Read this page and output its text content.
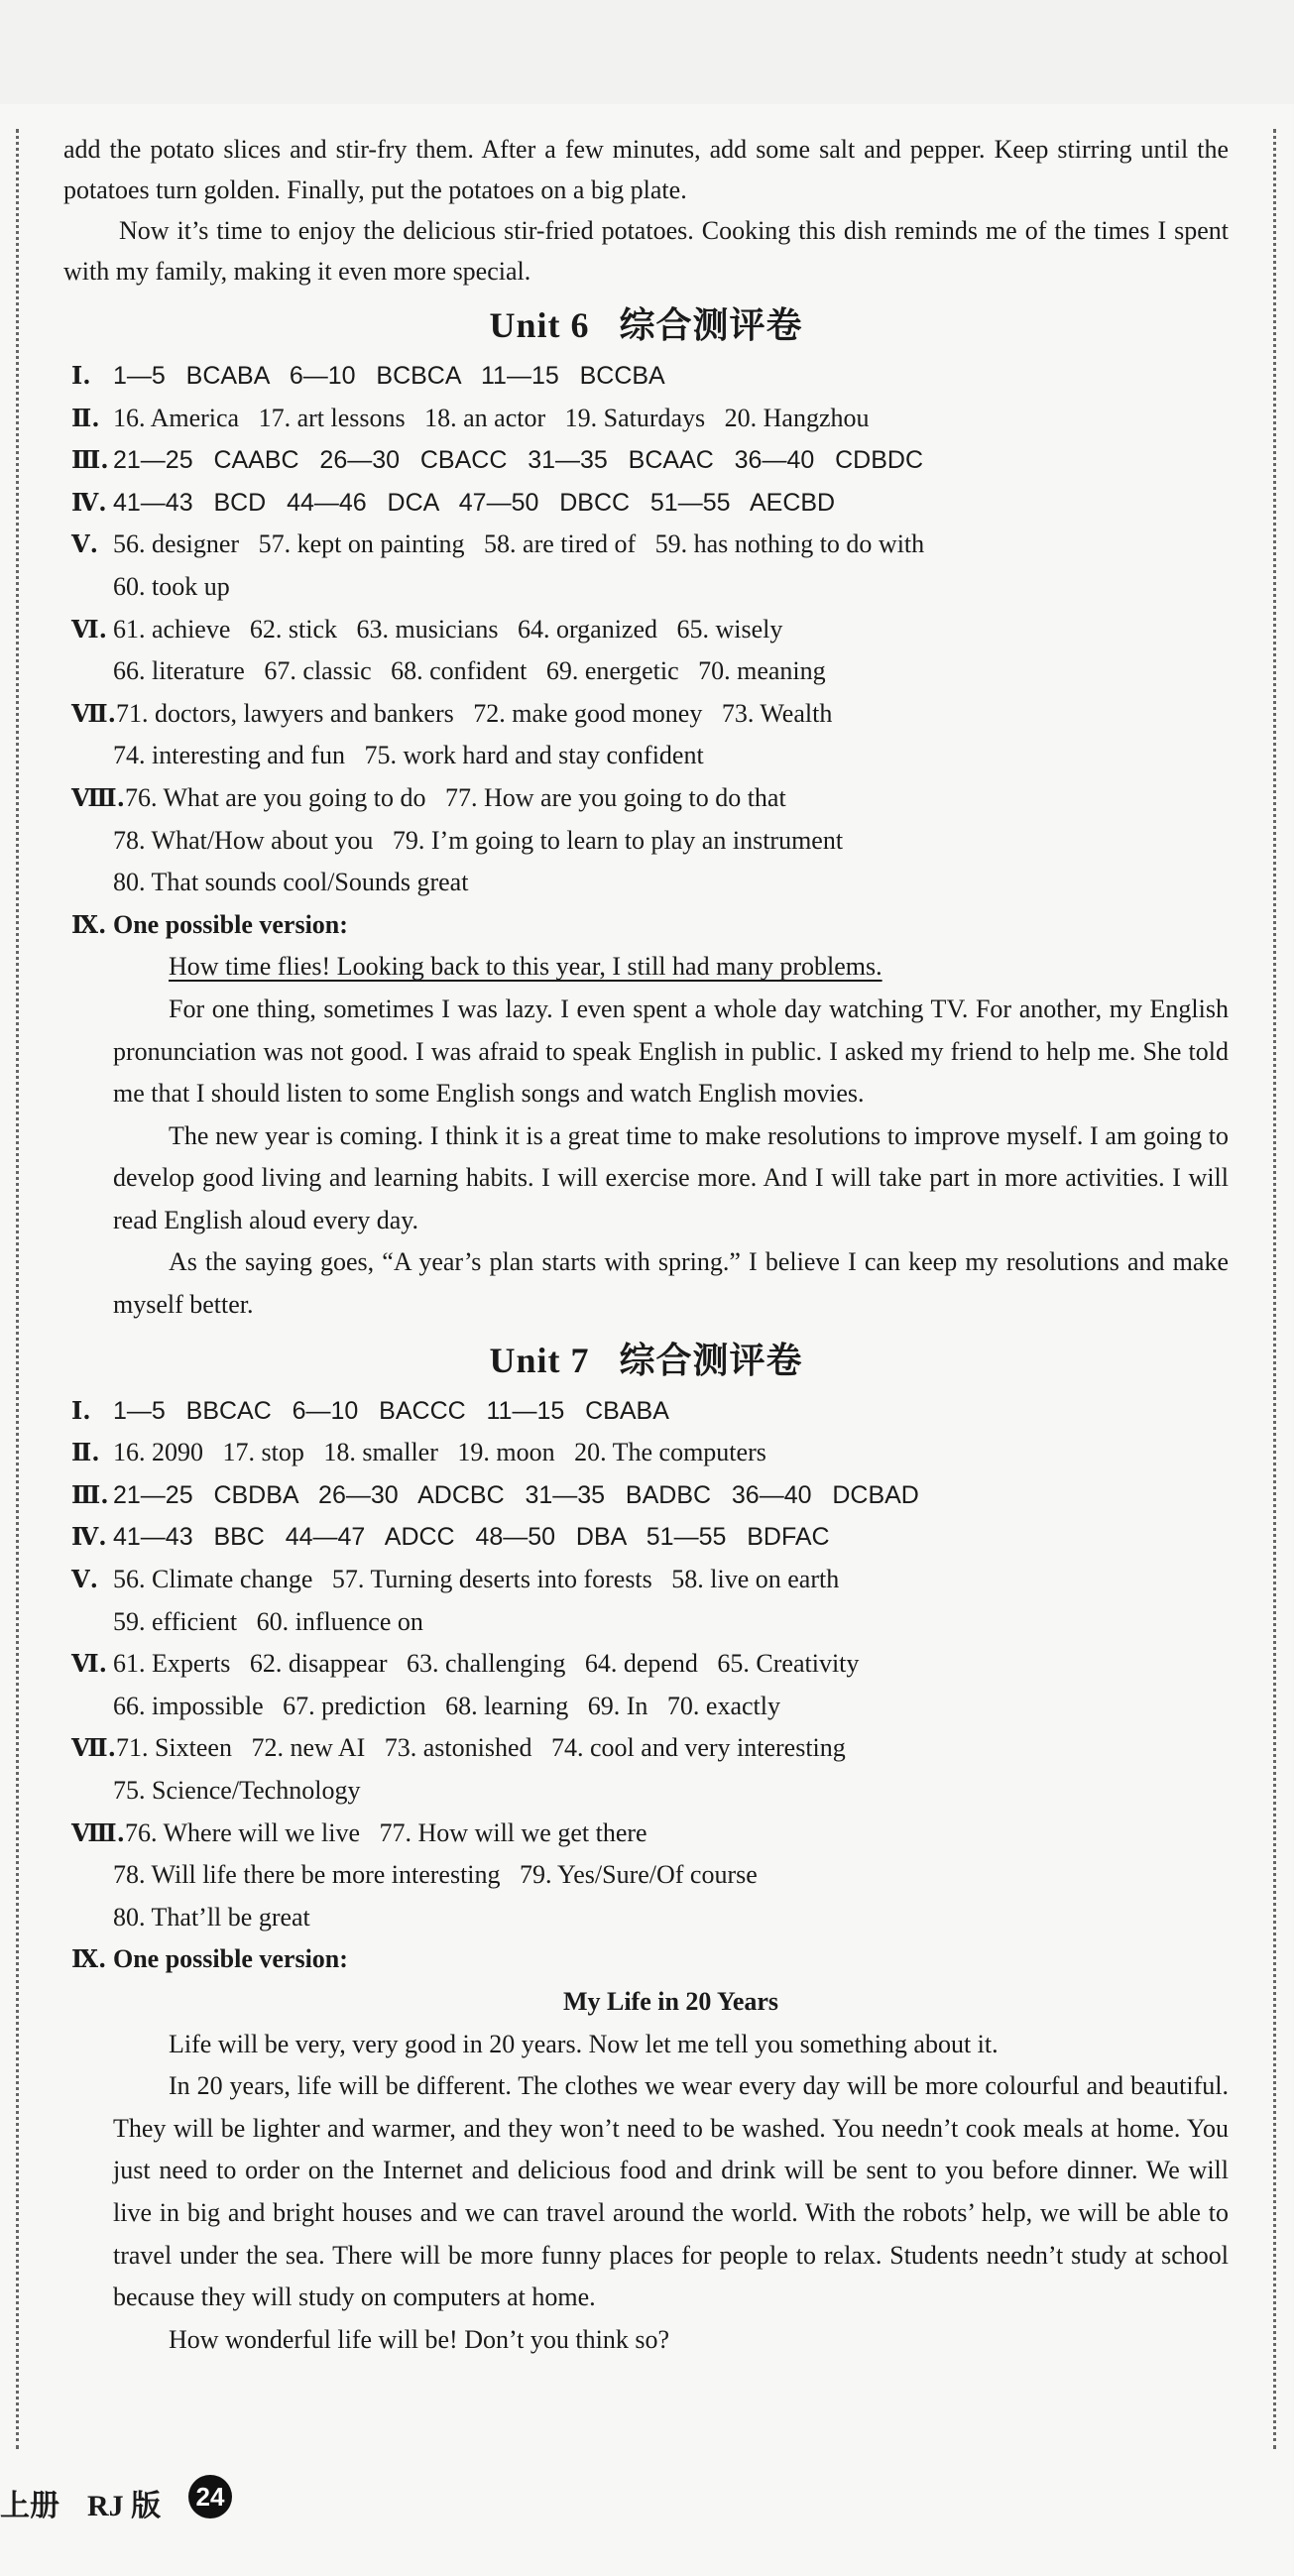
add the potato slices and stir-fry them. After a few minutes, add some salt and pepper. Keep stirring until the potatoes turn golden. Finally, put the potatoes on a big plate.

Now it’s time to enjoy the delicious stir-fried potatoes. Cooking this dish reminds me of the times I spent with my family, making it even more special.

Unit 6 综合测评卷
Ⅰ. 1—5   BCABA   6—10   BCBCA   11—15   BCCBA
Ⅱ. 16. America   17. art lessons   18. an actor   19. Saturdays   20. Hangzhou
Ⅲ. 21—25   CAABC   26—30   CBACC   31—35   BCAAC   36—40   CDBDC
Ⅳ. 41—43   BCD   44—46   DCA   47—50   DBCC   51—55   AECBD
Ⅴ. 56. designer   57. kept on painting   58. are tired of   59. has nothing to do with
60. took up
Ⅵ. 61. achieve   62. stick   63. musicians   64. organized   65. wisely
66. literature   67. classic   68. confident   69. energetic   70. meaning
Ⅶ.71. doctors, lawyers and bankers   72. make good money   73. Wealth
74. interesting and fun   75. work hard and stay confident
Ⅷ.76. What are you going to do   77. How are you going to do that
78. What/How about you   79. I’m going to learn to play an instrument
80. That sounds cool/Sounds great
Ⅸ. One possible version:

How time flies! Looking back to this year, I still had many problems.

For one thing, sometimes I was lazy. I even spent a whole day watching TV. For another, my English pronunciation was not good. I was afraid to speak English in public. I asked my friend to help me. She told me that I should listen to some English songs and watch English movies.

The new year is coming. I think it is a great time to make resolutions to improve myself. I am going to develop good living and learning habits. I will exercise more. And I will take part in more activities. I will read English aloud every day.

As the saying goes, “A year’s plan starts with spring.” I believe I can keep my resolutions and make myself better.

Unit 7 综合测评卷
Ⅰ. 1—5   BBCAC   6—10   BACCC   11—15   CBABA
Ⅱ. 16. 2090   17. stop   18. smaller   19. moon   20. The computers
Ⅲ. 21—25   CBDBA   26—30   ADCBC   31—35   BADBC   36—40   DCBAD
Ⅳ. 41—43   BBC   44—47   ADCC   48—50   DBA   51—55   BDFAC
Ⅴ. 56. Climate change   57. Turning deserts into forests   58. live on earth
59. efficient   60. influence on
Ⅵ. 61. Experts   62. disappear   63. challenging   64. depend   65. Creativity
66. impossible   67. prediction   68. learning   69. In   70. exactly
Ⅶ.71. Sixteen   72. new AI   73. astonished   74. cool and very interesting
75. Science/Technology
Ⅷ.76. Where will we live   77. How will we get there
78. Will life there be more interesting   79. Yes/Sure/Of course
80. That’ll be great
Ⅸ. One possible version:
My Life in 20 Years

Life will be very, very good in 20 years. Now let me tell you something about it.

In 20 years, life will be different. The clothes we wear every day will be more colourful and beautiful. They will be lighter and warmer, and they won’t need to be washed. You needn’t cook meals at home. You just need to order on the Internet and delicious food and drink will be sent to you before dinner. We will live in big and bright houses and we can travel around the world. With the robots’ help, we will be able to travel under the sea. There will be more funny places for people to relax. Students needn’t study at school because they will study on computers at home.

How wonderful life will be! Don’t you think so?

上册 RJ 版 24
